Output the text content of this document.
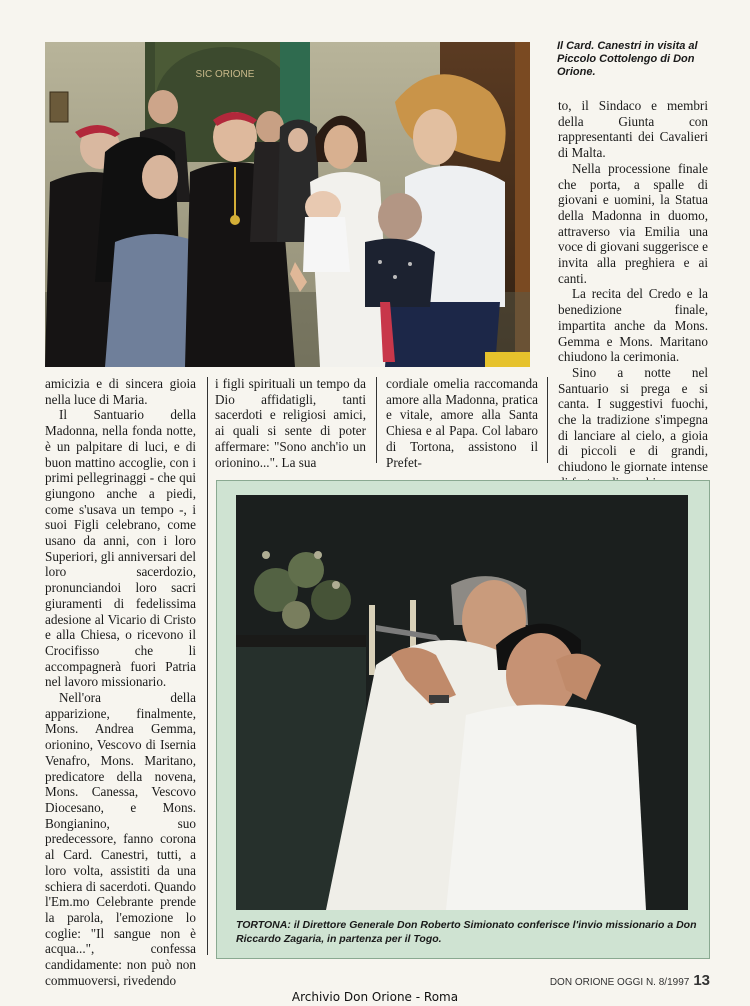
SIC ORIONE
Il Card. Canestri in visita al Piccolo Cottolengo di Don Orione.

to, il Sindaco e membri della Giunta con rappresentanti dei Cavalieri di Malta.

Nella processione finale che porta, a spalle di giovani e uomini, la Statua della Madonna in duomo, attraverso via Emilia una voce di giovani suggerisce e invita alla preghiera e ai canti.

La recita del Credo e la benedizione finale, impartita anche da Mons. Gemma e Mons. Maritano chiudono la cerimonia.

Sino a notte nel Santuario si prega e si canta. I suggestivi fuochi, che la tradizione s'impegna di lanciare al cielo, a gioia di piccoli e di grandi, chiudono le giornate intense

amicizia e di sincera gioia nella luce di Maria.

Il Santuario della Madonna, nella fonda notte, è un palpitare di luci, e di buon mattino accoglie, con i primi pellegrinaggi - che qui giungono anche a piedi, come s'usava un tempo -, i suoi Figli celebrano, come usano da anni, con i loro Superiori, gli anniversari del loro sacerdozio, pronunciandoi loro sacri giuramenti di fedelissima adesione al Vicario di Cristo e alla Chiesa, o ricevono il Crocifisso che li accompagnerà fuori Patria nel lavoro missionario.

Nell'ora della apparizione, finalmente, Mons. Andrea Gemma, orionino, Vescovo di Isernia Venafro, Mons. Maritano, predicatore della novena, Mons. Canessa, Vescovo Diocesano, e Mons. Bongianino, suo predecessore, fanno corona al Card. Canestri, tutti, a loro volta, assistiti da una schiera di sacerdoti. Quando l'Em.mo Celebrante prende la parola, l'emozione lo coglie: "Il sangue non è acqua...", confessa candidamente: non può non commuoversi, rivedendo

i figli spirituali un tempo da Dio affidatigli, tanti sacerdoti e religiosi amici, ai quali si sente di poter affermare: "Sono anch'io un orionino...". La sua

cordiale omelia raccomanda amore alla Madonna, pratica e vitale, amore alla Santa Chiesa e al Papa. Col labaro di Tortona, assistono il Prefet-

TORTONA: il Direttore Generale Don Roberto Simionato conferisce l'invio missionario a Don Riccardo Zagaria, in partenza per il Togo.
DON ORIONE OGGI N. 8/1997 13
Archivio Don Orione - Roma
